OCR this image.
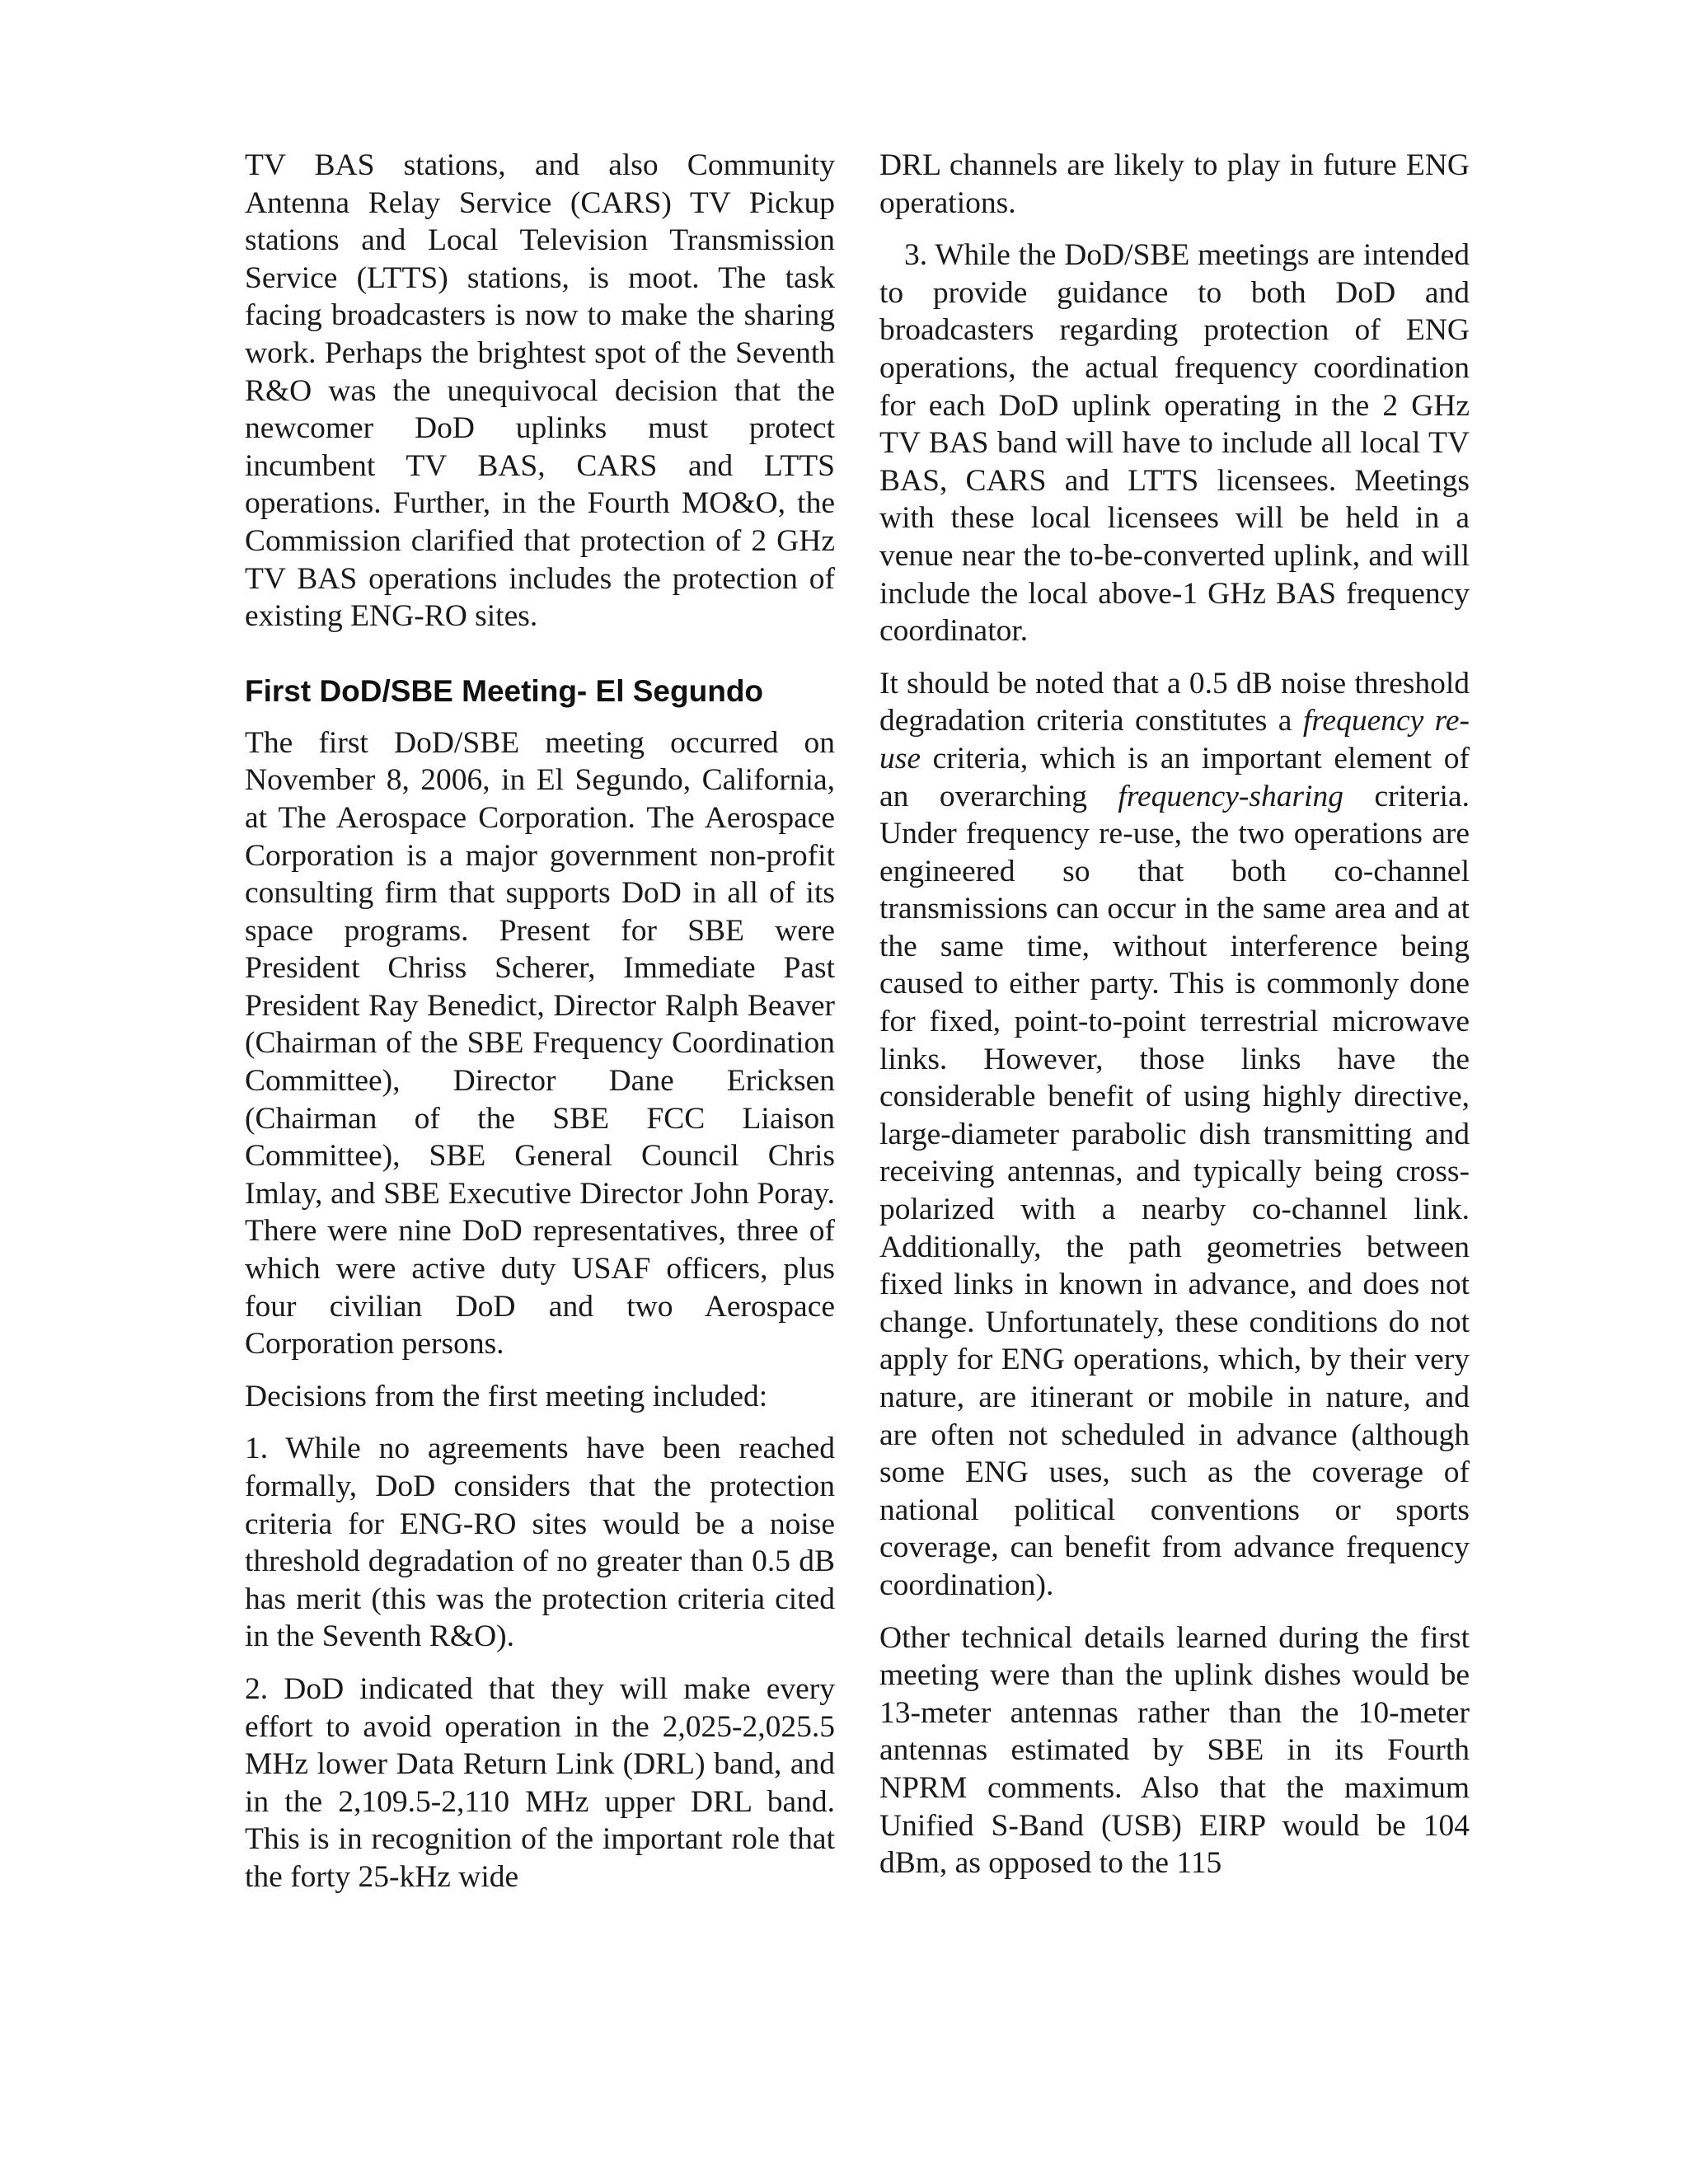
TV BAS stations, and also Community Antenna Relay Service (CARS) TV Pickup stations and Local Television Transmission Service (LTTS) stations, is moot. The task facing broadcasters is now to make the sharing work. Perhaps the brightest spot of the Seventh R&O was the unequivocal decision that the newcomer DoD uplinks must protect incumbent TV BAS, CARS and LTTS operations. Further, in the Fourth MO&O, the Commission clarified that protection of 2 GHz TV BAS operations includes the protection of existing ENG-RO sites.

First DoD/SBE Meeting- El Segundo

The first DoD/SBE meeting occurred on November 8, 2006, in El Segundo, California, at The Aerospace Corporation. The Aerospace Corporation is a major government non-profit consulting firm that supports DoD in all of its space programs. Present for SBE were President Chriss Scherer, Immediate Past President Ray Benedict, Director Ralph Beaver (Chairman of the SBE Frequency Coordination Committee), Director Dane Ericksen (Chairman of the SBE FCC Liaison Committee), SBE General Council Chris Imlay, and SBE Executive Director John Poray. There were nine DoD representatives, three of which were active duty USAF officers, plus four civilian DoD and two Aerospace Corporation persons.

Decisions from the first meeting included:

1. While no agreements have been reached formally, DoD considers that the protection criteria for ENG-RO sites would be a noise threshold degradation of no greater than 0.5 dB has merit (this was the protection criteria cited in the Seventh R&O).

2. DoD indicated that they will make every effort to avoid operation in the 2,025-2,025.5 MHz lower Data Return Link (DRL) band, and in the 2,109.5-2,110 MHz upper DRL band. This is in recognition of the important role that the forty 25-kHz wide

DRL channels are likely to play in future ENG operations.

3. While the DoD/SBE meetings are intended to provide guidance to both DoD and broadcasters regarding protection of ENG operations, the actual frequency coordination for each DoD uplink operating in the 2 GHz TV BAS band will have to include all local TV BAS, CARS and LTTS licensees. Meetings with these local licensees will be held in a venue near the to-be-converted uplink, and will include the local above-1 GHz BAS frequency coordinator.

It should be noted that a 0.5 dB noise threshold degradation criteria constitutes a frequency re-use criteria, which is an important element of an overarching frequency-sharing criteria. Under frequency re-use, the two operations are engineered so that both co-channel transmissions can occur in the same area and at the same time, without interference being caused to either party. This is commonly done for fixed, point-to-point terrestrial microwave links. However, those links have the considerable benefit of using highly directive, large-diameter parabolic dish transmitting and receiving antennas, and typically being cross-polarized with a nearby co-channel link. Additionally, the path geometries between fixed links in known in advance, and does not change. Unfortunately, these conditions do not apply for ENG operations, which, by their very nature, are itinerant or mobile in nature, and are often not scheduled in advance (although some ENG uses, such as the coverage of national political conventions or sports coverage, can benefit from advance frequency coordination).

Other technical details learned during the first meeting were than the uplink dishes would be 13-meter antennas rather than the 10-meter antennas estimated by SBE in its Fourth NPRM comments. Also that the maximum Unified S-Band (USB) EIRP would be 104 dBm, as opposed to the 115
